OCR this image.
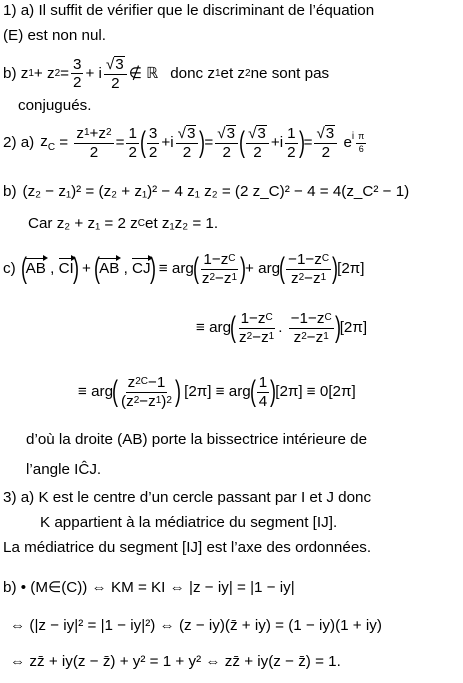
1) a) Il suffit de vérifier que le discriminant de l’équation
(E) est non nul.
b) z 1 + z $2 = \frac{3}{2} + i \frac{√ 3}{2}$ ∉ ℝ donc z 1 et z 2 ne sont pas
conjugués.
2) a) $z_C = \frac{z 1 +z 2}{2} = \frac{1}{2}$ ( $\frac{3}{2} +i \frac{√ 3}{2}$ ) = $\frac{√ 3}{2}$ ( $\frac{√ 3}{2} +i \frac{1}{2}$ ) = $\frac{√ 3}{2}$ e i $\frac{\pi}{6}$
b) (z₂ − z₁)² = (z₂ + z₁)² − 4 z₁ z₂ = (2 z_C)² − 4 = 4(z_C² − 1)
Car z₂ + z₁ = 2 z C et z₁z₂ = 1.
c) ( AB , CI ) + ( AB , CJ ) ≡ arg ( $\frac{\text{1−z C}}{z 2 -z 1}$ ) + arg ( $\frac{\text{−1−z C}}{z 2 -z 1}$ ) [2π]
≡ arg ( $\frac{\text{1−z C}}{z 2 -z 1}$ . $\frac{\text{−1−z C}}{z 2 -z 1}$ ) [2π]
≡ arg ( $\frac{z 2 C -1}{(z 2 -z 1 ) 2}$ ) [2π] ≡ arg ( $\frac{1}{4}$ ) [2π] ≡ 0[2π]
d’où la droite (AB) porte la bissectrice intérieure de
l’angle IĈJ.
3) a) K est le centre d’un cercle passant par I et J donc
K appartient à la médiatrice du segment [IJ].
La médiatrice du segment [IJ] est l’axe des ordonnées.
b) • (M∈(C)) ⇔ KM = KI ⇔ |z − iy| = |1 − iy|
⇔ (|z − iy|² = |1 − iy|²) ⇔ (z − iy)(z̄ + iy) = (1 − iy)(1 + iy)
⇔ zz̄ + iy(z − z̄) + y² = 1 + y² ⇔ zz̄ + iy(z − z̄) = 1.
